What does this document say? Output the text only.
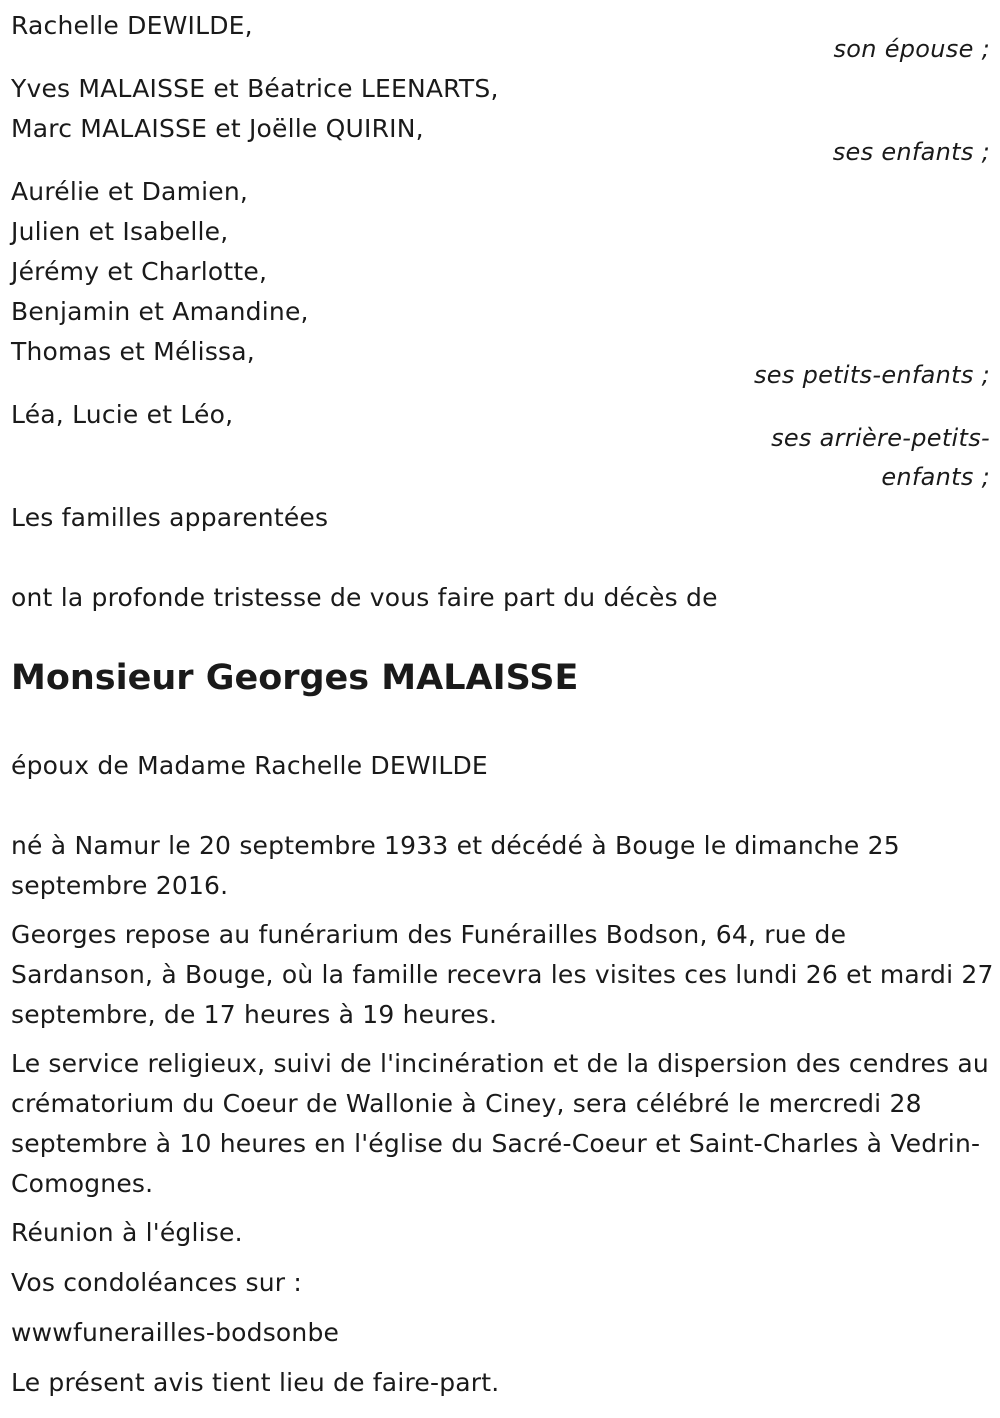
Rachelle DEWILDE,
son épouse ;
Yves MALAISSE et Béatrice LEENARTS,
Marc MALAISSE et Joëlle QUIRIN,
ses enfants ;
Aurélie et Damien,
Julien et Isabelle,
Jérémy et Charlotte,
Benjamin et Amandine,
Thomas et Mélissa,
ses petits-enfants ;
Léa, Lucie et Léo,
ses arrière-petits-
enfants ;
Les familles apparentées
ont la profonde tristesse de vous faire part du décès de
Monsieur Georges MALAISSE
époux de Madame Rachelle DEWILDE
né à Namur le 20 septembre 1933 et décédé à Bouge le dimanche 25 septembre 2016.
Georges repose au funérarium des Funérailles Bodson, 64, rue de Sardanson, à Bouge, où la famille recevra les visites ces lundi 26 et mardi 27 septembre, de 17 heures à 19 heures.
Le service religieux, suivi de l'incinération et de la dispersion des cendres au crématorium du Coeur de Wallonie à Ciney, sera célébré le mercredi 28 septembre à 10 heures en l'église du Sacré-Coeur et Saint-Charles à Vedrin-Comognes.
Réunion à l'église.
Vos condoléances sur :
wwwfunerailles-bodsonbe
Le présent avis tient lieu de faire-part.
